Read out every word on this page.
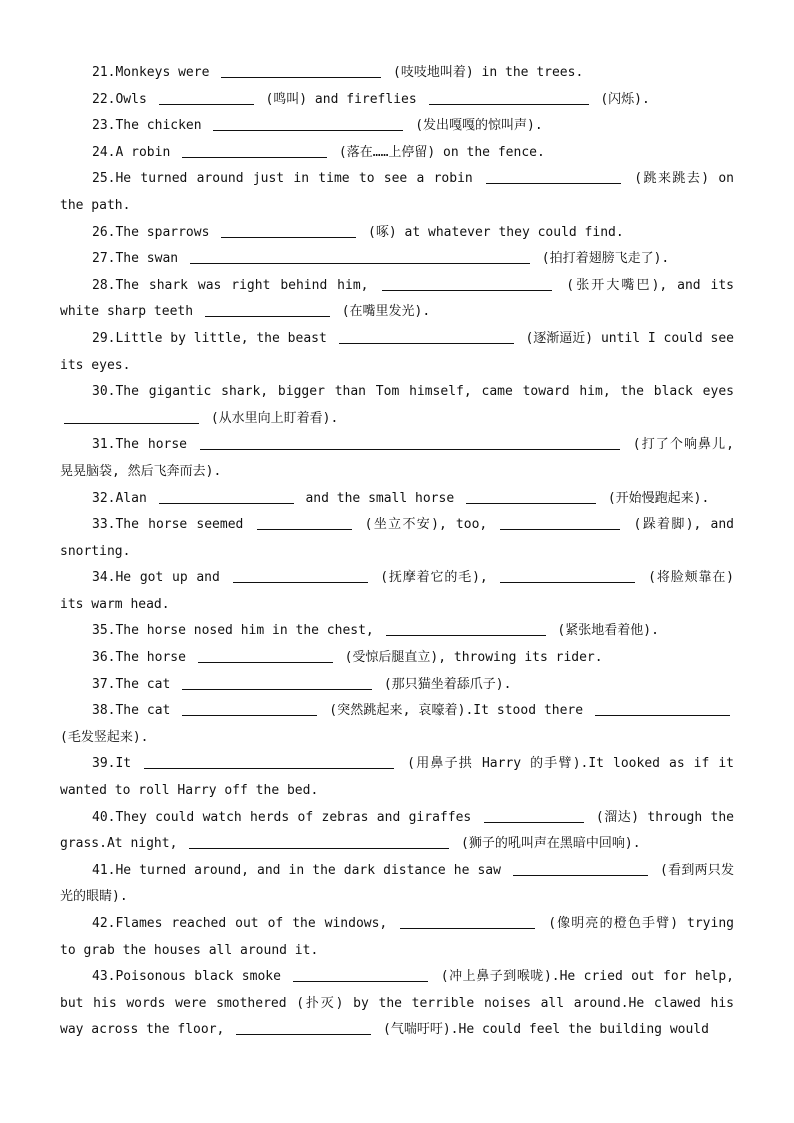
21.Monkeys were	(吱吱地叫着) in the trees.

22.Owls	(鸣叫) and fireflies	(闪烁).

23.The chicken	(发出嘎嘎的惊叫声).

24.A robin	(落在……上停留) on the fence.

25.He turned around just in time to see a robin	(跳来跳去) on the path.

26.The sparrows	(啄) at whatever they could find.

27.The swan	(拍打着翅膀飞走了).

28.The shark was right behind him,	(张开大嘴巴), and its white sharp teeth	(在嘴里发光).

29.Little by little, the beast	(逐渐逼近) until I could see its eyes.

30.The gigantic shark, bigger than Tom himself, came toward him, the black eyes  (从水里向上盯着看).

31.The horse	(打了个响鼻儿, 晃晃脑袋, 然后飞奔而去).

32.Alan	and the small horse	(开始慢跑起来).

33.The horse seemed	(坐立不安), too,	(跺着脚), and snorting.

34.He got up and	(抚摩着它的毛),	(将脸颊靠在) its warm head.

35.The horse nosed him in the chest,	(紧张地看着他).

36.The horse	(受惊后腿直立), throwing its rider.

37.The cat	(那只猫坐着舔爪子).

38.The cat	(突然跳起来, 哀嚎着).It stood there	(毛发竖起来).

39.It	(用鼻子拱 Harry 的手臂).It looked as if it wanted to roll Harry off the bed.

40.They could watch herds of zebras and giraffes	(溜达) through the grass.At night,	(狮子的吼叫声在黑暗中回响).

41.He turned around, and in the dark distance he saw	(看到两只发光的眼睛).

42.Flames reached out of the windows,	(像明亮的橙色手臂) trying to grab the houses all around it.

43.Poisonous black smoke	(冲上鼻子到喉咙).He cried out for help, but his words were smothered (扑灭) by the terrible noises all around.He clawed his way across the floor,	(气喘吁吁).He could feel the building would
